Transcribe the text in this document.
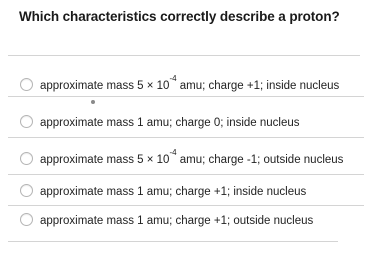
Which characteristics correctly describe a proton?
approximate mass $5 \times 10^{-4}$ amu; charge +1; inside nucleus
approximate mass 1 amu; charge 0; inside nucleus
approximate mass $5 \times 10^{-4}$ amu; charge -1; outside nucleus
approximate mass 1 amu; charge +1; inside nucleus
approximate mass 1 amu; charge +1; outside nucleus
